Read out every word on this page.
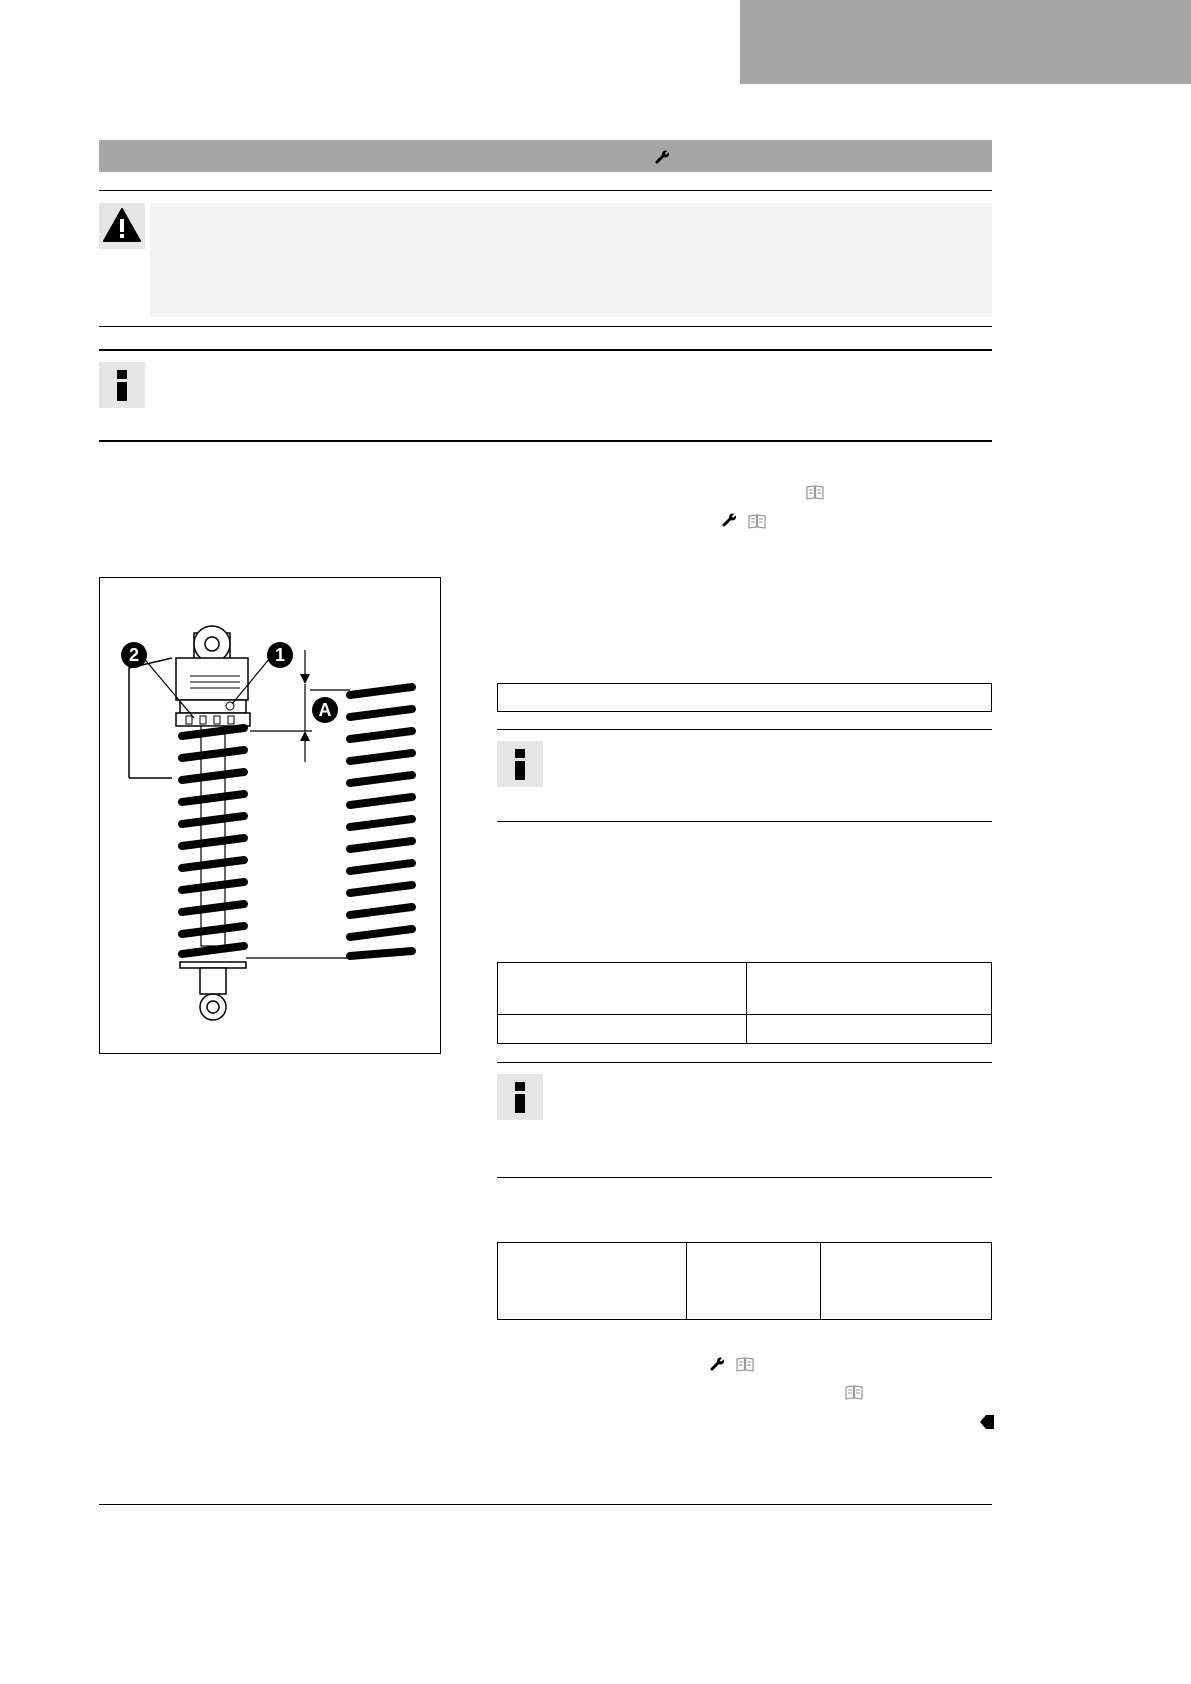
2	1
A
